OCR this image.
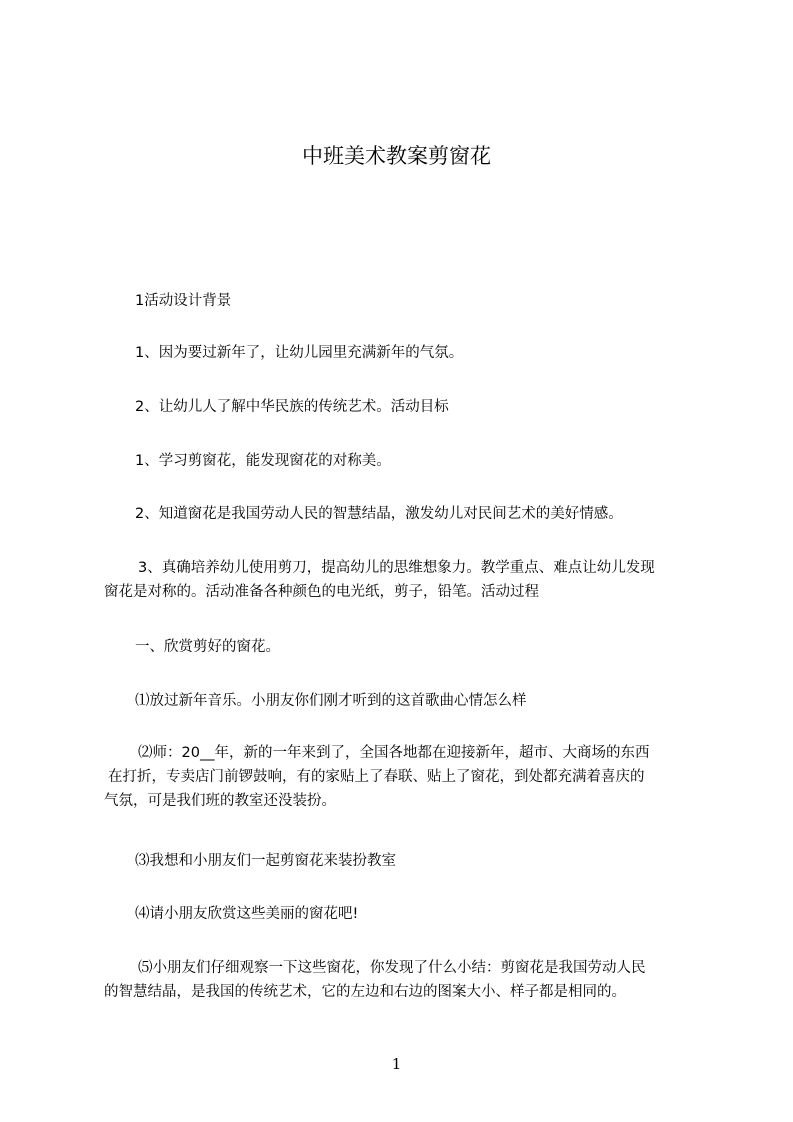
中班美术教案剪窗花

1活动设计背景

1、因为要过新年了，让幼儿园里充满新年的气氛。

2、让幼儿人了解中华民族的传统艺术。活动目标

1、学习剪窗花，能发现窗花的对称美。

2、知道窗花是我国劳动人民的智慧结晶，激发幼儿对民间艺术的美好情感。

3、真确培养幼儿使用剪刀，提高幼儿的思维想象力。教学重点、难点让幼儿发现
窗花是对称的。活动准备各种颜色的电光纸，剪子，铅笔。活动过程

一、欣赏剪好的窗花。

⑴放过新年音乐。小朋友你们刚才听到的这首歌曲心情怎么样

⑵师：20__年，新的一年来到了，全国各地都在迎接新年，超市、大商场的东西
在打折，专卖店门前锣鼓响，有的家贴上了春联、贴上了窗花，到处都充满着喜庆的
气氛，可是我们班的教室还没装扮。

⑶我想和小朋友们一起剪窗花来装扮教室

⑷请小朋友欣赏这些美丽的窗花吧!

⑸小朋友们仔细观察一下这些窗花，你发现了什么小结：剪窗花是我国劳动人民
的智慧结晶，是我国的传统艺术，它的左边和右边的图案大小、样子都是相同的。
1
